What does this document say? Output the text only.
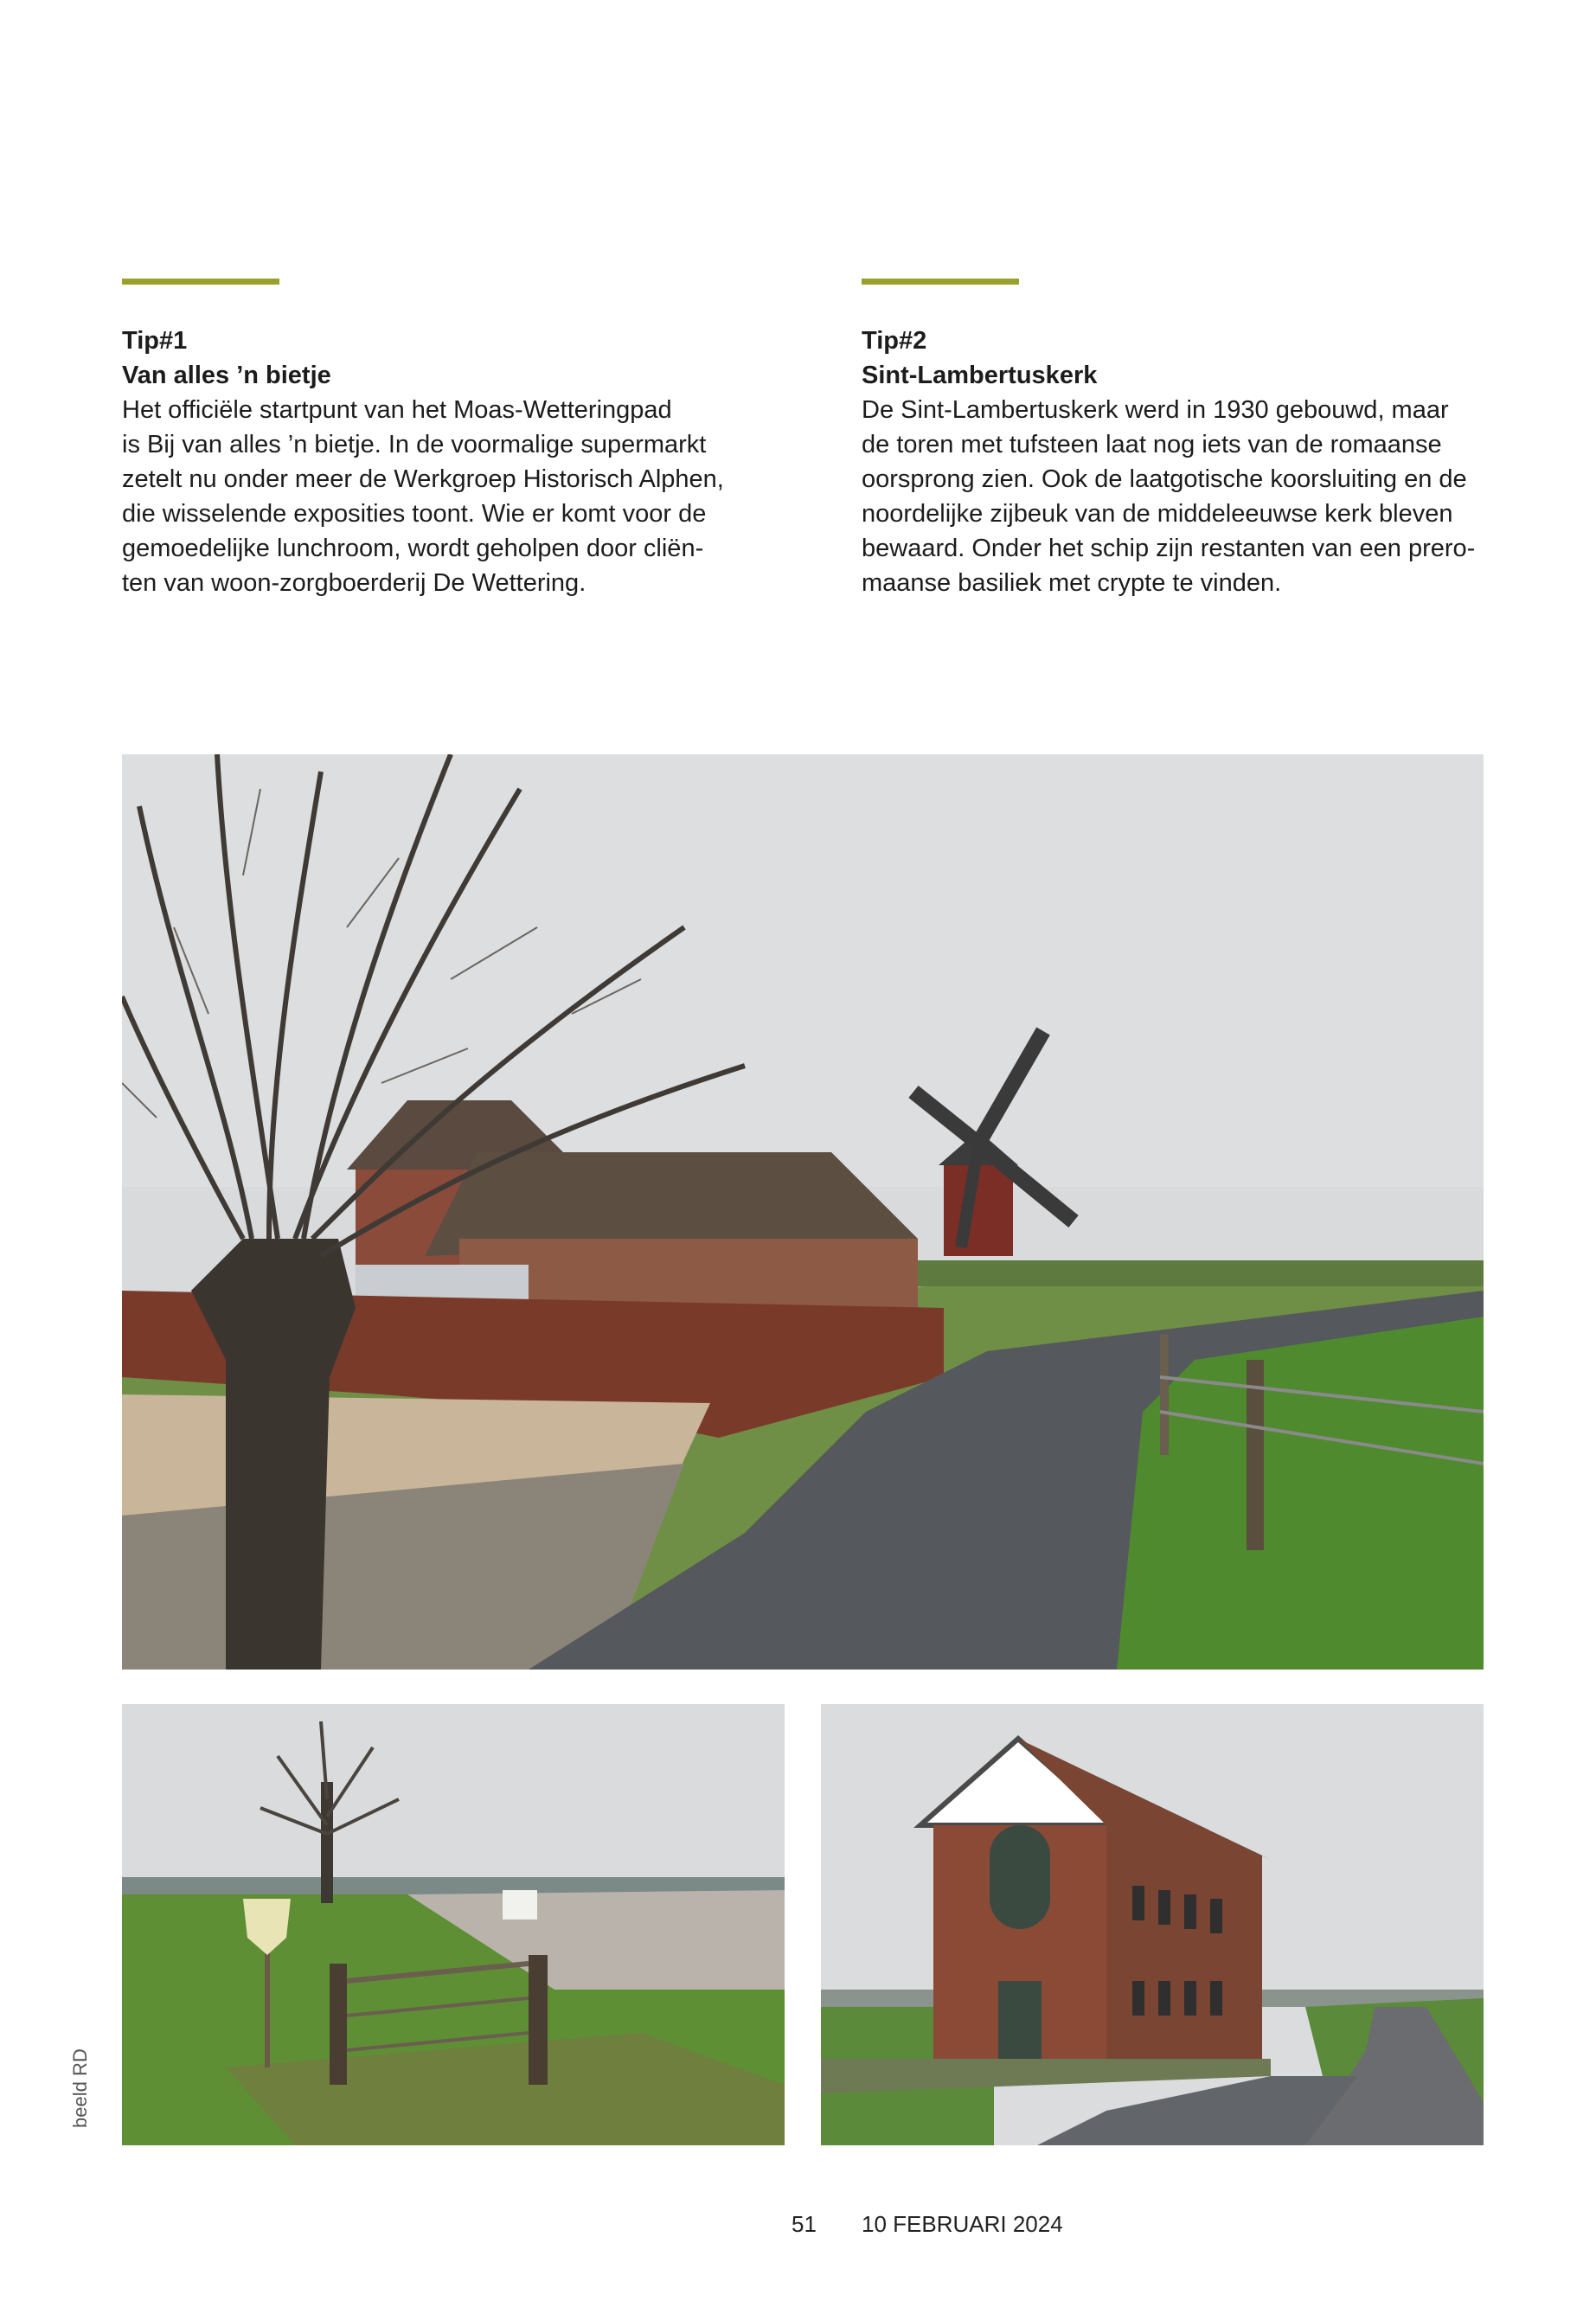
Tip#1
Van alles ’n bietje
Het officiële startpunt van het Moas-Wetteringpad
is Bij van alles ’n bietje. In de voormalige supermarkt
zetelt nu onder meer de Werkgroep Historisch Alphen,
die wisselende exposities toont. Wie er komt voor de
gemoedelijke lunchroom, wordt geholpen door cliën-
ten van woon-zorgboerderij De Wettering.
Tip#2
Sint-Lambertuskerk
De Sint-Lambertuskerk werd in 1930 gebouwd, maar
de toren met tufsteen laat nog iets van de romaanse
oorsprong zien. Ook de laatgotische koorsluiting en de
noordelijke zijbeuk van de middeleeuwse kerk bleven
bewaard. Onder het schip zijn restanten van een prero-
maanse basiliek met crypte te vinden.
beeld RD
51 10 FEBRUARI 2024
